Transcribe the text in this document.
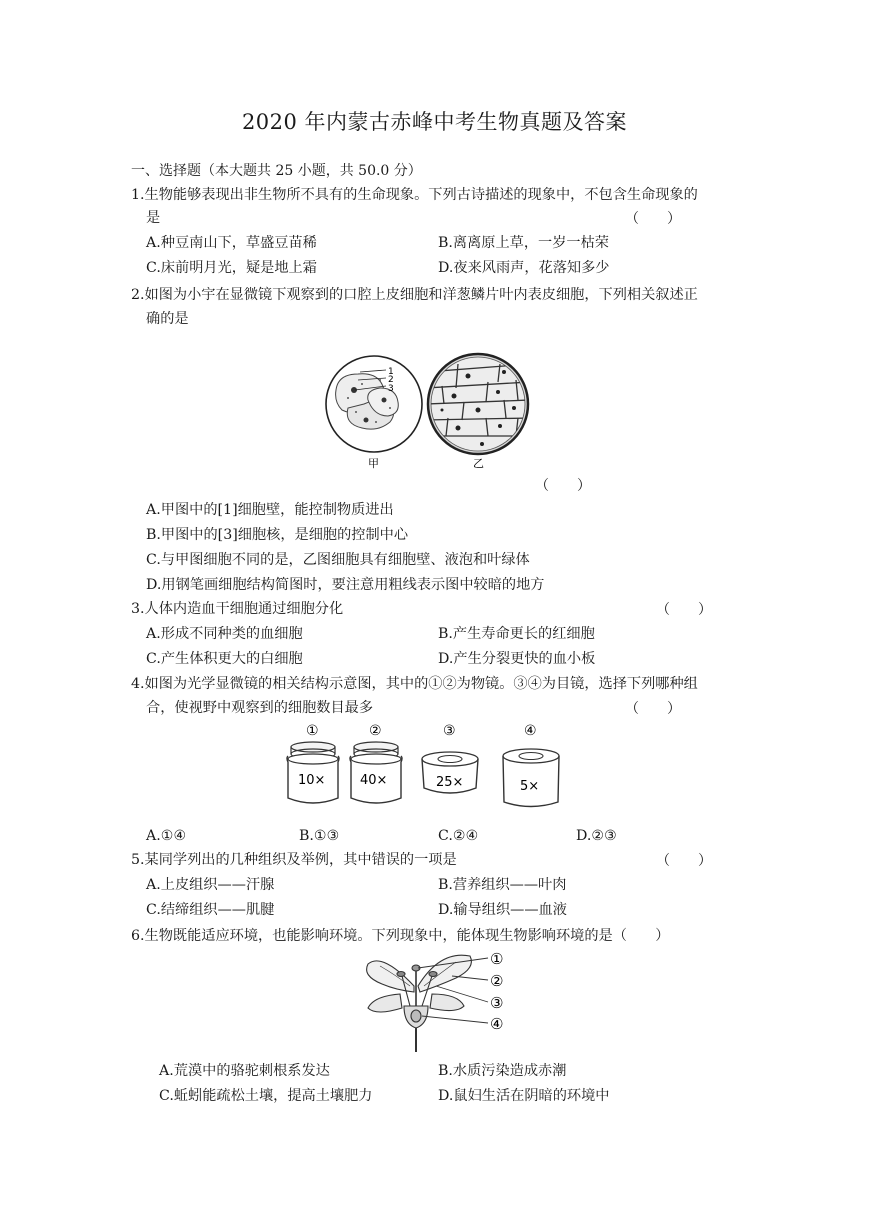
2020 年内蒙古赤峰中考生物真题及答案
一、选择题（本大题共 25 小题，共 50.0 分）
1.生物能够表现出非生物所不具有的生命现象。下列古诗描述的现象中，不包含生命现象的
是	（　　）
A.种豆南山下，草盛豆苗稀	B.离离原上草，一岁一枯荣
C.床前明月光，疑是地上霜	D.夜来风雨声，花落知多少
2.如图为小宇在显微镜下观察到的口腔上皮细胞和洋葱鳞片叶内表皮细胞，下列相关叙述正
确的是
1
2
3
甲	乙
（　　）
A.甲图中的[1]细胞壁，能控制物质进出
B.甲图中的[3]细胞核，是细胞的控制中心
C.与甲图细胞不同的是，乙图细胞具有细胞壁、液泡和叶绿体
D.用钢笔画细胞结构简图时，要注意用粗线表示图中较暗的地方
3.人体内造血干细胞通过细胞分化	（　　）
A.形成不同种类的血细胞	B.产生寿命更长的红细胞
C.产生体积更大的白细胞	D.产生分裂更快的血小板
4.如图为光学显微镜的相关结构示意图，其中的①②为物镜。③④为目镜，选择下列哪种组
合，使视野中观察到的细胞数目最多	（　　）
①
10×
②
40×
③
25×
④
5×
A.①④	B.①③	C.②④	D.②③
5.某同学列出的几种组织及举例，其中错误的一项是	（　　）
A.上皮组织——汗腺	B.营养组织——叶肉
C.结缔组织——肌腱	D.输导组织——血液
6.生物既能适应环境，也能影响环境。下列现象中，能体现生物影响环境的是（　　）
①
②
③
④
A.荒漠中的骆驼刺根系发达	B.水质污染造成赤潮
C.蚯蚓能疏松土壤，提高土壤肥力	D.鼠妇生活在阴暗的环境中
